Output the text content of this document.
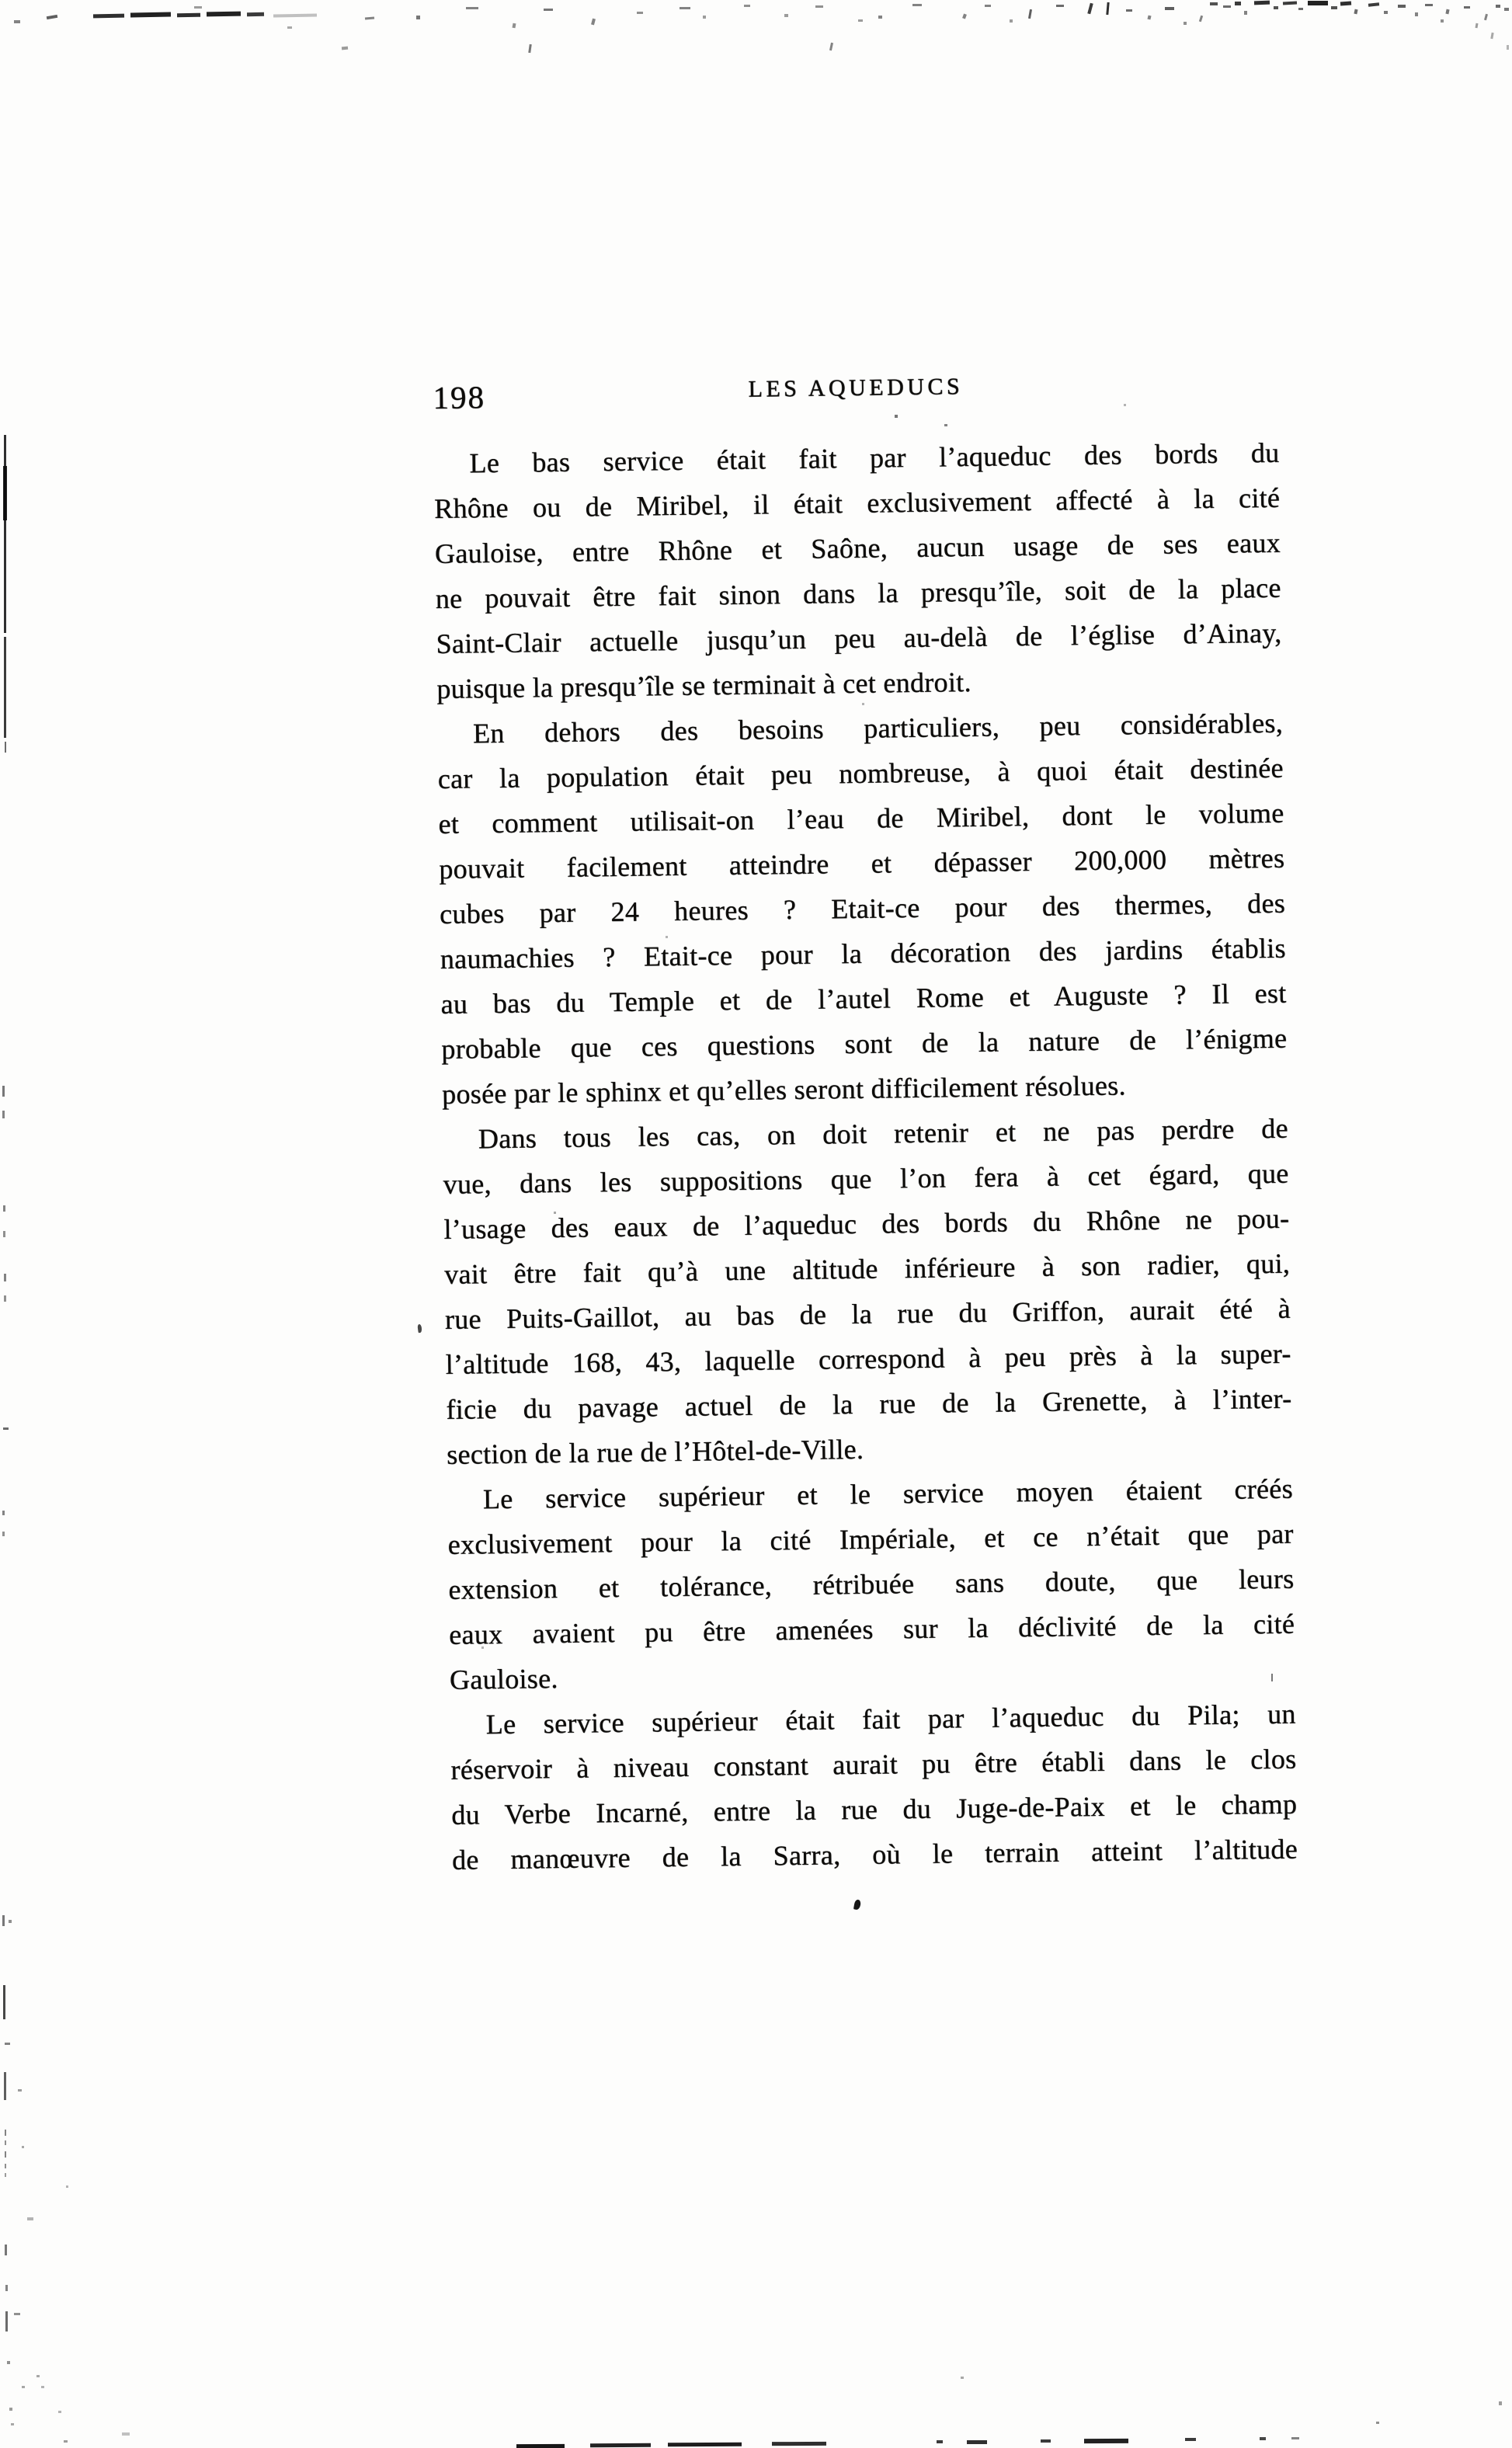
198	LES AQUEDUCS
Le bas service était fait par l’aqueduc des bords du
Rhône ou de Miribel, il était exclusivement affecté à la cité
Gauloise, entre Rhône et Saône, aucun usage de ses eaux
ne pouvait être fait sinon dans la presqu’île, soit de la place
Saint-Clair actuelle jusqu’un peu au-delà de l’église d’Ainay,
puisque la presqu’île se terminait à cet endroit.
En dehors des besoins particuliers, peu considérables,
car la population était peu nombreuse, à quoi était destinée
et comment utilisait-on l’eau de Miribel, dont le volume
pouvait facilement atteindre et dépasser 200,000 mètres
cubes par 24 heures ? Etait-ce pour des thermes, des
naumachies ? Etait-ce pour la décoration des jardins établis
au bas du Temple et de l’autel Rome et Auguste ? Il est
probable que ces questions sont de la nature de l’énigme
posée par le sphinx et qu’elles seront difficilement résolues.
Dans tous les cas, on doit retenir et ne pas perdre de
vue, dans les suppositions que l’on fera à cet égard, que
l’usage des eaux de l’aqueduc des bords du Rhône ne pou-
vait être fait qu’à une altitude inférieure à son radier, qui,
rue Puits-Gaillot, au bas de la rue du Griffon, aurait été à
l’altitude 168, 43, laquelle correspond à peu près à la super-
ficie du pavage actuel de la rue de la Grenette, à l’inter-
section de la rue de l’Hôtel-de-Ville.
Le service supérieur et le service moyen étaient créés
exclusivement pour la cité Impériale, et ce n’était que par
extension et tolérance, rétribuée sans doute, que leurs
eaux avaient pu être amenées sur la déclivité de la cité
Gauloise.
Le service supérieur était fait par l’aqueduc du Pila; un
réservoir à niveau constant aurait pu être établi dans le clos
du Verbe Incarné, entre la rue du Juge-de-Paix et le champ
de manœuvre de la Sarra, où le terrain atteint l’altitude
